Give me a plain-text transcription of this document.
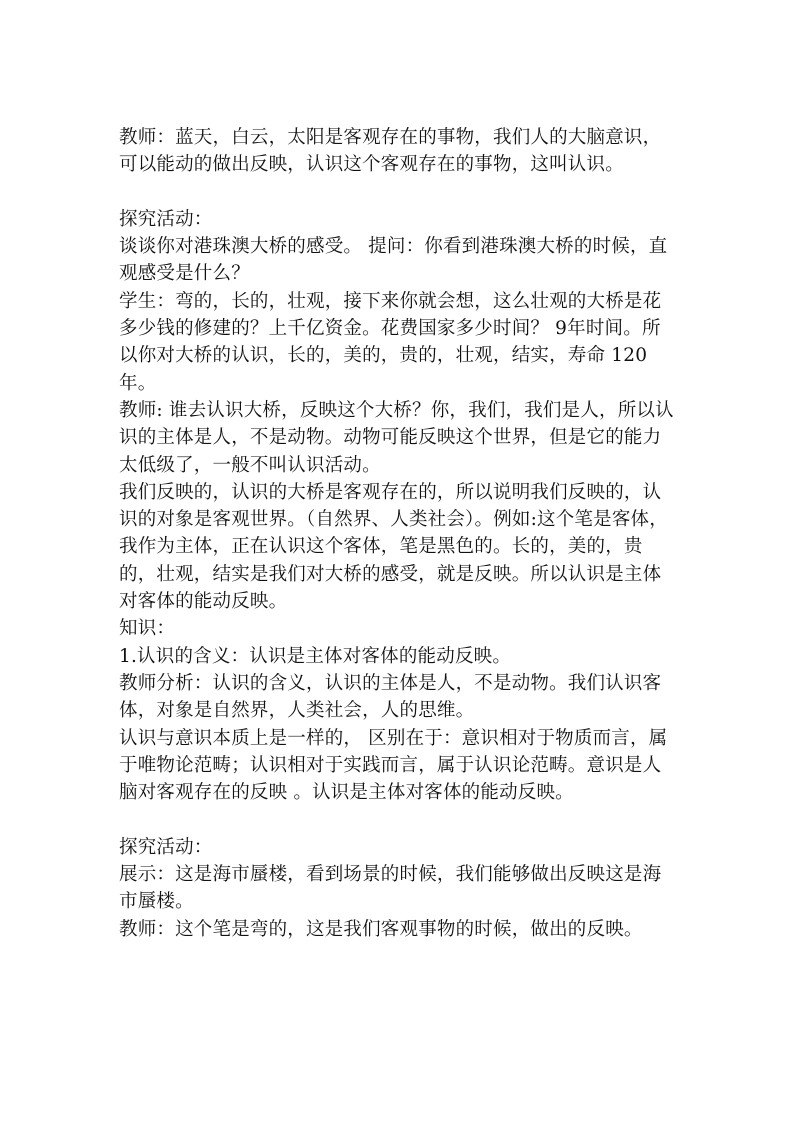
教师：蓝天，白云，太阳是客观存在的事物，我们人的大脑意识，可以能动的做出反映，认识这个客观存在的事物，这叫认识。

探究活动：

谈谈你对港珠澳大桥的感受。 提问：你看到港珠澳大桥的时候，直观感受是什么？

学生：弯的，长的，壮观，接下来你就会想，这么壮观的大桥是花多少钱的修建的？上千亿资金。花费国家多少时间？ 9年时间。所以你对大桥的认识，长的，美的，贵的，壮观，结实，寿命 120 年。

教师: 谁去认识大桥，反映这个大桥？你，我们，我们是人，所以认识的主体是人，不是动物。动物可能反映这个世界，但是它的能力太低级了，一般不叫认识活动。

我们反映的，认识的大桥是客观存在的，所以说明我们反映的，认识的对象是客观世界。（自然界、人类社会）。例如:这个笔是客体，我作为主体，正在认识这个客体，笔是黑色的。长的，美的，贵的，壮观，结实是我们对大桥的感受，就是反映。所以认识是主体对客体的能动反映。

知识：

1.认识的含义：认识是主体对客体的能动反映。

教师分析：认识的含义，认识的主体是人，不是动物。我们认识客体，对象是自然界，人类社会，人的思维。

认识与意识本质上是一样的， 区别在于：意识相对于物质而言，属于唯物论范畴；认识相对于实践而言，属于认识论范畴。意识是人脑对客观存在的反映 。认识是主体对客体的能动反映。

探究活动：

展示：这是海市蜃楼，看到场景的时候，我们能够做出反映这是海市蜃楼。

教师：这个笔是弯的，这是我们客观事物的时候，做出的反映。
